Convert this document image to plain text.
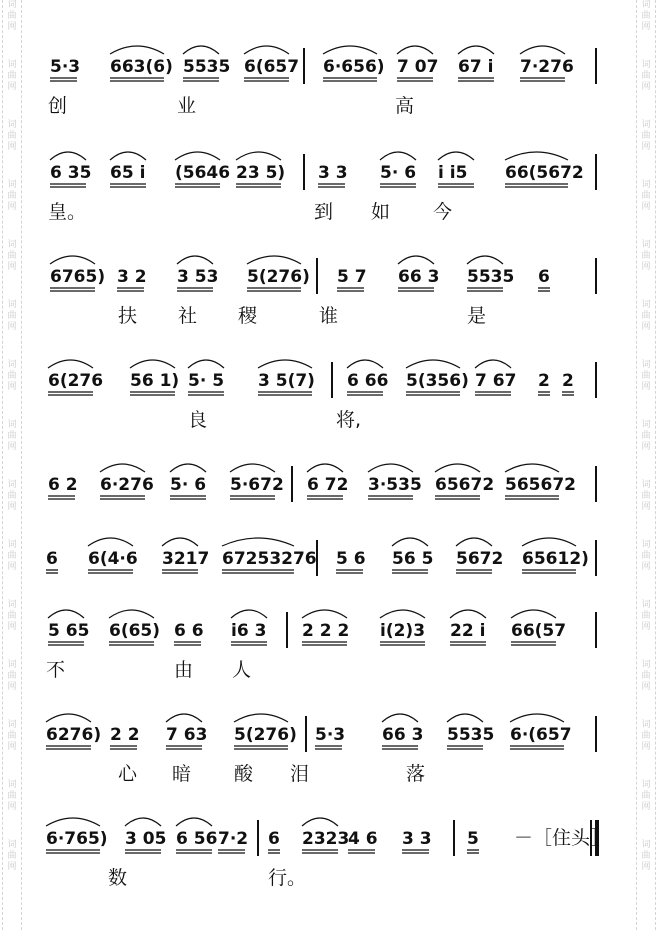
词
曲
网
词
曲
网
词
曲
网
词
曲
网
词
曲
网
词
曲
网
词
曲
网
词
曲
网
词
曲
网
词
曲
网
词
曲
网
词
曲
网
词
曲
网
词
曲
网
词
曲
网
词
曲
网
词
曲
网
词
曲
网
词
曲
网
词
曲
网
词
曲
网
词
曲
网
词
曲
网
词
曲
网
词
曲
网
词
曲
网
词
曲
网
词
曲
网
词
曲
网
词
曲
网
5·3 663(6) 5535 6(657 6·656) 7 07 67 i 7·276
创	业	高
6 35 65 i (5646 23 5) 3 3 5· 6 i i5 66(5672
皇。	到 如 今
6765) 3 2 3 53 5(276) 5 7 66 3 5535 6
扶 社 稷	谁	是
6(276 56 1) 5· 5 3 5(7) 6 66 5(356) 7 67 2 2
良	将,
6 2 6·276 5· 6 5·672 6 72 3·535 65672 565672
6 6(4·6 3217 67253276 5 6 56 5 5672 65612)
5 65 6(65) 6 6 i6 3 2 2 2 i(2)3 22 i 66(57
不	由 人
6276) 2 2 7 63 5(276) 5·3 66 3 5535 6·(657
心 暗 酸 泪	落
6·765) 3 05 6 56 7·2 6 2323
4 6 3 3 5 －［住头］
数	行。
